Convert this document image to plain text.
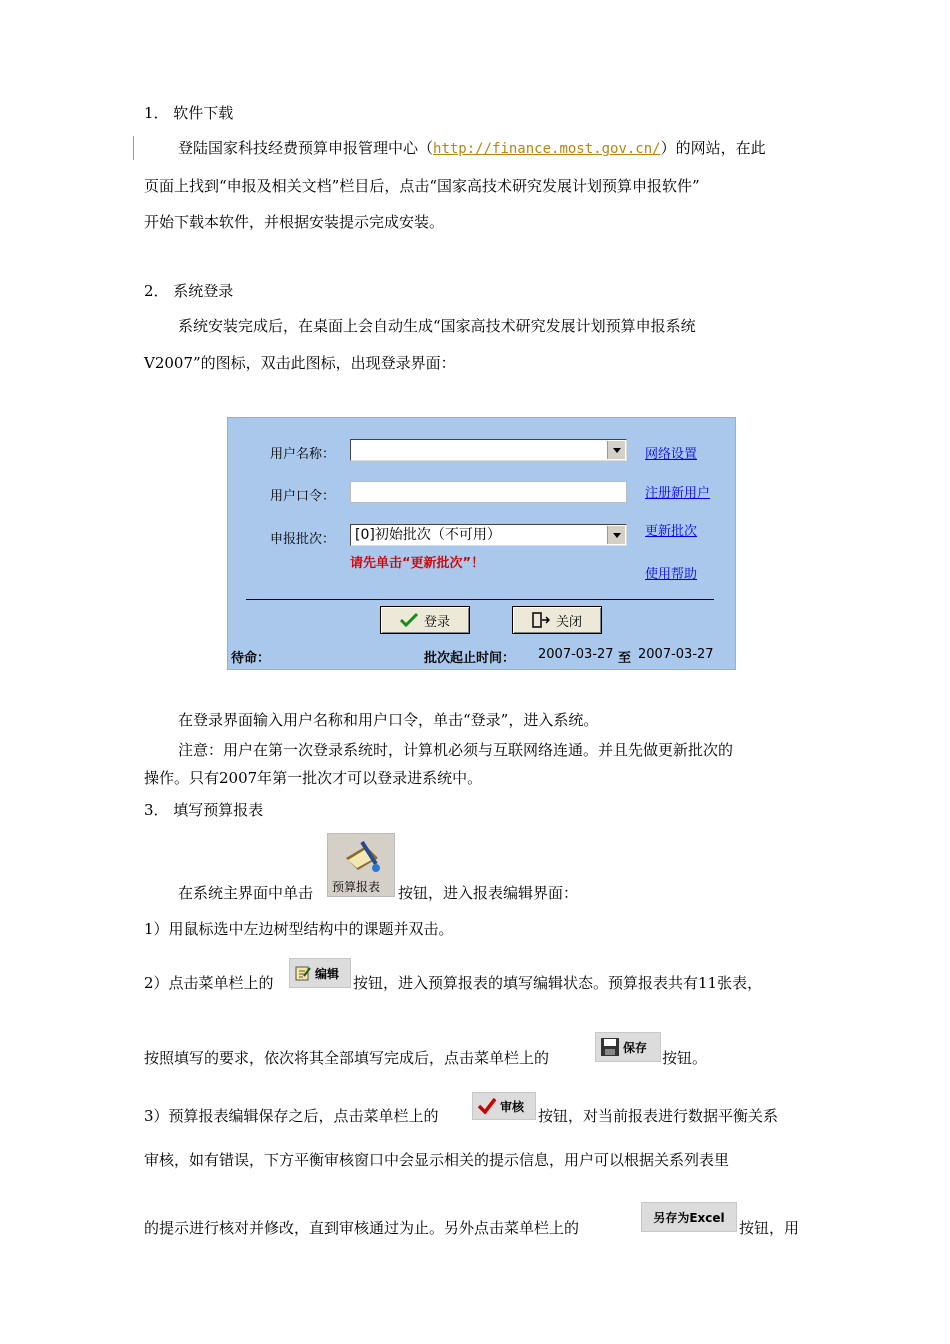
1． 软件下载
登陆国家科技经费预算申报管理中心（http://finance.most.gov.cn/）的网站，在此
页面上找到“申报及相关文档”栏目后，点击“国家高技术研究发展计划预算申报软件”
开始下载本软件，并根据安装提示完成安装。
2． 系统登录
系统安装完成后，在桌面上会自动生成“国家高技术研究发展计划预算申报系统
V2007”的图标，双击此图标，出现登录界面：
用户名称：	网络设置
用户口令：	注册新用户
申报批次：	[0]初始批次（不可用）	更新批次
请先单击“更新批次”！
使用帮助
登录	关闭
待命：	批次起止时间： 2007-03-27 至 2007-03-27
在登录界面输入用户名称和用户口令，单击“登录”，进入系统。
注意：用户在第一次登录系统时，计算机必须与互联网络连通。并且先做更新批次的
操作。只有2007年第一批次才可以登录进系统中。
3． 填写预算报表
在系统主界面中单击 预算报表 按钮，进入报表编辑界面：
1）用鼠标选中左边树型结构中的课题并双击。
2）点击菜单栏上的
编辑
按钮，进入预算报表的填写编辑状态。预算报表共有11张表，
按照填写的要求，依次将其全部填写完成后，点击菜单栏上的
保存
按钮。
3）预算报表编辑保存之后，点击菜单栏上的
审核
按钮，对当前报表进行数据平衡关系
审核，如有错误，下方平衡审核窗口中会显示相关的提示信息，用户可以根据关系列表里
的提示进行核对并修改，直到审核通过为止。另外点击菜单栏上的
另存为Excel
按钮，用
